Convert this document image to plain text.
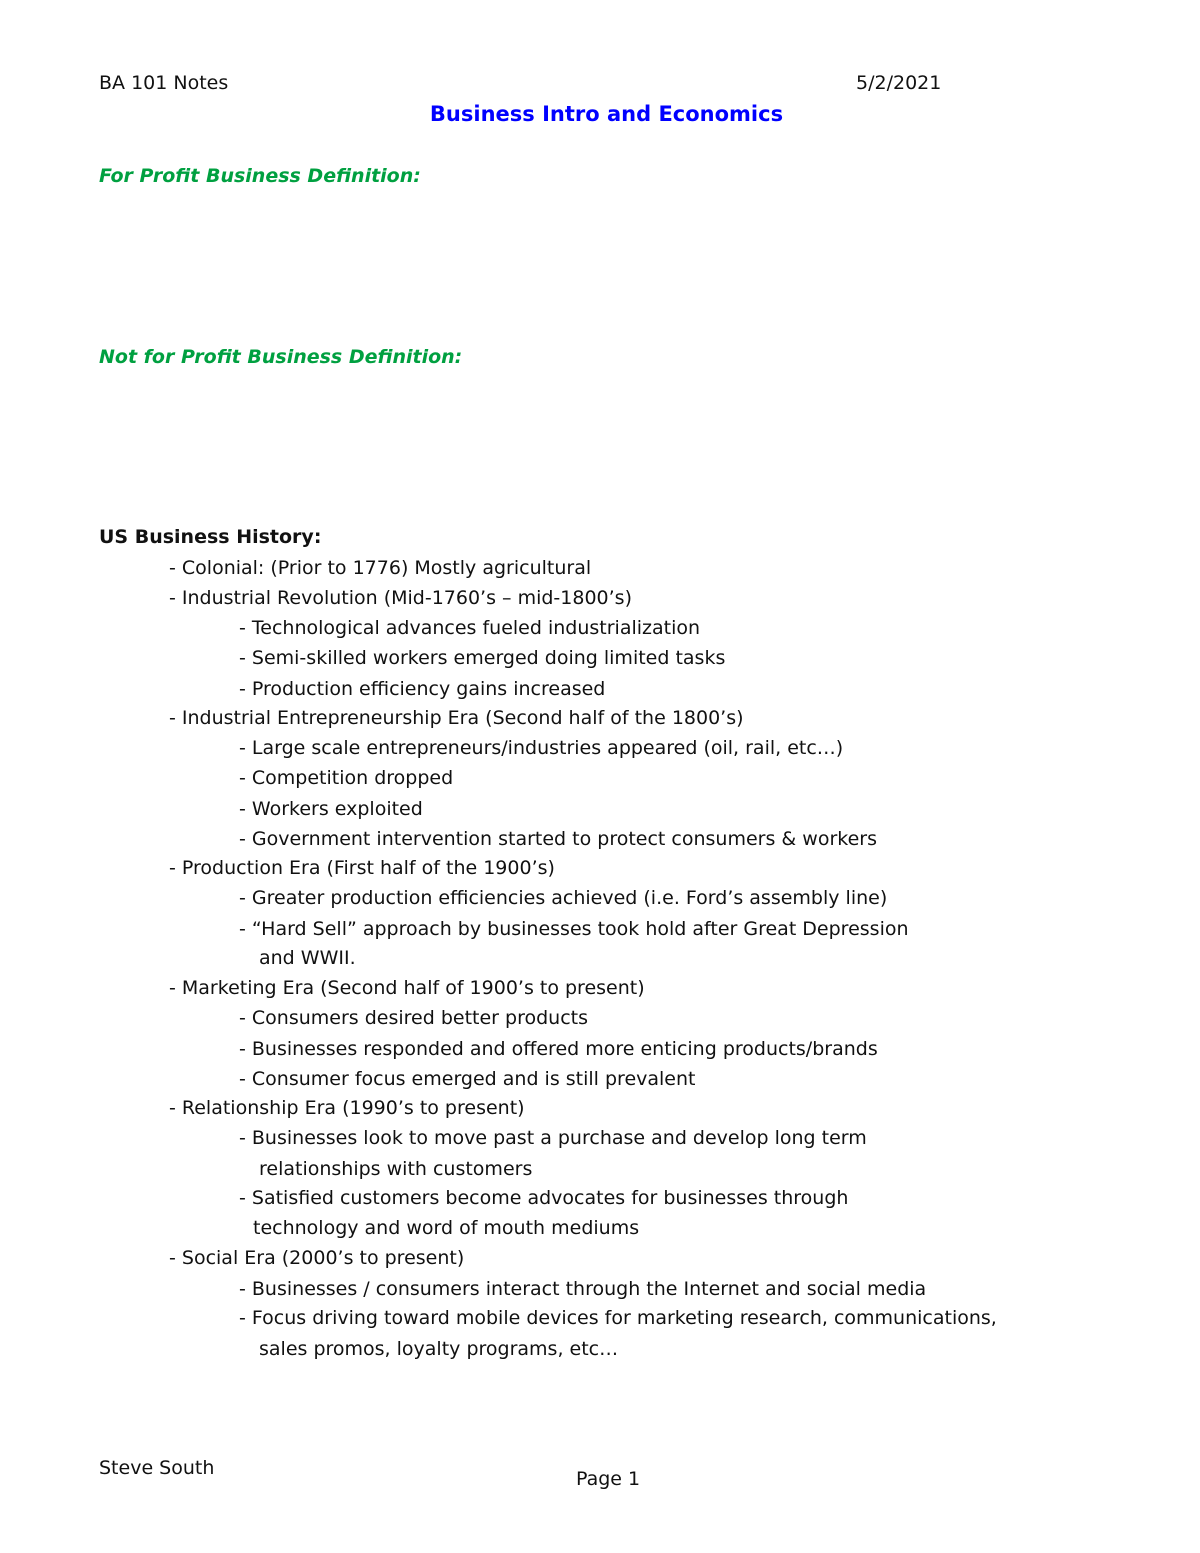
BA 101 Notes	5/2/2021
Business Intro and Economics
For Profit Business Definition:
Not for Profit Business Definition:
US Business History:
- Colonial: (Prior to 1776) Mostly agricultural
- Industrial Revolution (Mid-1760’s – mid-1800’s)
- Technological advances fueled industrialization
- Semi-skilled workers emerged doing limited tasks
- Production efficiency gains increased
- Industrial Entrepreneurship Era (Second half of the 1800’s)
- Large scale entrepreneurs/industries appeared (oil, rail, etc…)
- Competition dropped
- Workers exploited
- Government intervention started to protect consumers & workers
- Production Era (First half of the 1900’s)
- Greater production efficiencies achieved (i.e. Ford’s assembly line)
- “Hard Sell” approach by businesses took hold after Great Depression
and WWII.
- Marketing Era (Second half of 1900’s to present)
- Consumers desired better products
- Businesses responded and offered more enticing products/brands
- Consumer focus emerged and is still prevalent
- Relationship Era (1990’s to present)
- Businesses look to move past a purchase and develop long term
relationships with customers
- Satisfied customers become advocates for businesses through
technology and word of mouth mediums
- Social Era (2000’s to present)
- Businesses / consumers interact through the Internet and social media
- Focus driving toward mobile devices for marketing research, communications,
sales promos, loyalty programs, etc…
Steve South	Page 1
